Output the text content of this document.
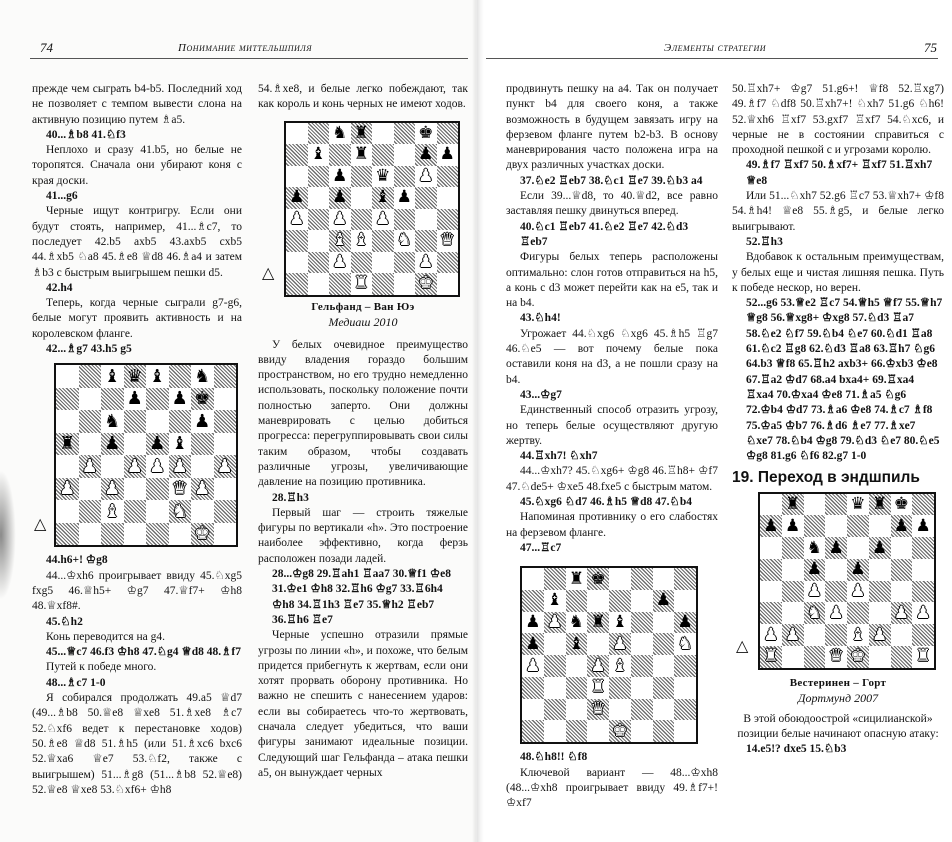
74	Понимание миттельшпиля

прежде чем сыграть b4-b5. Последний ход не позволяет с темпом вывести слона на активную позицию путем ♗a5.

40...♗b8 41.♘f3

Неплохо и сразу 41.b5, но белые не торопятся. Сначала они убирают коня с края доски.

41...g6

Черные ищут контригру. Если они будут стоять, например, 41...♗c7, то последует 42.b5 axb5 43.axb5 cxb5 44.♗xb5 ♘a8 45.♗e8 ♕d8 46.♗a4 и затем ♗b3 с быстрым выигрышем пешки d5.

42.h4

Теперь, когда черные сыграли g7-g6, белые могут проявить активность и на королевском фланге.

42...♗g7 43.h5 g5

△
♝ ♛ ♝ ♞
♟ ♟ ♚
♞	♟
♜ ♟ ♟ ♝
♟ ♟ ♟ ♟ ♟
♟ ♟	♛ ♟
♝	♞
♚

44.h6+! ♔g8

44...♔xh6 проигрывает ввиду 45.♘xg5 fxg5 46.♕h5+ ♔g7 47.♕f7+ ♔h8 48.♕xf8#.

45.♘h2

Конь переводится на g4.

45...♕c7 46.f3 ♔h8 47.♘g4 ♕d8 48.♗f7

Путей к победе много.

48...♗c7 1-0

Я собирался продолжать 49.a5 ♕d7 (49...♗b8 50.♕e8 ♕xe8 51.♗xe8 ♗c7 52.♘xf6 ведет к перестановке ходов) 50.♗e8 ♕d8 51.♗h5 (или 51.♗xc6 bxc6 52.♕xa6 ♕e7 53.♘f2, также с выигрышем) 51...♗g8 (51...♗b8 52.♕e8) 52.♕e8 ♕xe8 53.♘xf6+ ♔h8

54.♗xe8, и белые легко побеждают, так как король и конь черных не имеют ходов.

△
♞ ♜	♚
♝ ♜	♟ ♟
♟ ♛ ♟
♟ ♟ ♝ ♟
♟ ♟ ♟
♝ ♝ ♞ ♛
♟	♟
♜	♚
Гельфанд – Ван Юэ
Медиаш 2010

У белых очевидное преимущество ввиду владения гораздо большим пространством, но его трудно немедленно использовать, поскольку положение почти полностью заперто. Они должны маневрировать с целью добиться прогресса: перегруппировывать свои силы таким образом, чтобы создавать различные угрозы, увеличивающие давление на позицию противника.

28.♖h3

Первый шаг — строить тяжелые фигуры по вертикали «h». Это построение наиболее эффективно, когда ферзь расположен позади ладей.

28...♔g8 29.♖ah1 ♖aa7 30.♕f1 ♔e8 31.♔e1 ♔h8 32.♖h6 ♔g7 33.♖6h4 ♔h8 34.♖1h3 ♖e7 35.♕h2 ♖eb7 36.♖h6 ♖e7

Черные успешно отразили прямые угрозы по линии «h», и похоже, что белым придется прибегнуть к жертвам, если они хотят прорвать оборону противника. Но важно не спешить с нанесением ударов: если вы собираетесь что-то жертвовать, сначала следует убедиться, что ваши фигуры занимают идеальные позиции. Следующий шаг Гельфанда – атака пешки a5, он вынуждает черных

Элементы стратегии	75

продвинуть пешку на a4. Так он получает пункт b4 для своего коня, а также возможность в будущем завязать игру на ферзевом фланге путем b2-b3. В основу маневрирования часто положена игра на двух различных участках доски.

37.♘e2 ♖eb7 38.♘c1 ♖e7 39.♘b3 a4

Если 39...♕d8, то 40.♕d2, все равно заставляя пешку двинуться вперед.

40.♘c1 ♖eb7 41.♘e2 ♖e7 42.♘d3 ♖eb7

Фигуры белых теперь расположены оптимально: слон готов отправиться на h5, а конь с d3 может перейти как на e5, так и на b4.

43.♘h4!

Угрожает 44.♘xg6 ♘xg6 45.♗h5 ♖g7 46.♘e5 — вот почему белые пока оставили коня на d3, а не пошли сразу на b4.

43...♔g7

Единственный способ отразить угрозу, но теперь белые осуществляют другую жертву.

44.♖xh7! ♘xh7

44...♔xh7? 45.♘xg6+ ♔g8 46.♖h8+ ♔f7 47.♘de5+ ♔xe5 48.fxe5 с быстрым матом.

45.♘xg6 ♘d7 46.♗h5 ♕d8 47.♘b4

Напоминая противнику о его слабостях на ферзевом фланге.

47...♖c7

♜ ♚
♝	♟
♟ ♟ ♞ ♜ ♝	♟
♟ ♝ ♟	♞
♟	♟ ♝
♜
♛
♚

48.♘h8!! ♘f8

Ключевой вариант — 48...♔xh8 (48...♔xh8 проигрывает ввиду 49.♗f7+! ♔xf7

50.♖xh7+ ♔g7 51.g6+! ♕f8 52.♖xg7) 49.♗f7 ♘df8 50.♖xh7+! ♘xh7 51.g6 ♘h6! 52.♕xh6 ♖xf7 53.gxf7 ♖xf7 54.♘xc6, и черные не в состоянии справиться с проходной пешкой c и угрозами королю.

49.♗f7 ♖xf7 50.♗xf7+ ♖xf7 51.♖xh7 ♕e8

Или 51...♘xh7 52.g6 ♖c7 53.♕xh7+ ♔f8 54.♗h4! ♕e8 55.♗g5, и белые легко выигрывают.

52.♖h3

Вдобавок к остальным преимуществам, у белых еще и чистая лишняя пешка. Путь к победе нескор, но верен.

52...g6 53.♕e2 ♖c7 54.♕h5 ♕f7 55.♕h7 ♕g8 56.♕xg8+ ♔xg8 57.♘d3 ♖a7 58.♘e2 ♘f7 59.♘b4 ♘e7 60.♘d1 ♖a8 61.♘c2 ♖g8 62.♘d3 ♖a8 63.♖h7 ♘g6 64.b3 ♕f8 65.♖h2 axb3+ 66.♔xb3 ♔e8 67.♖a2 ♔d7 68.a4 bxa4+ 69.♖xa4 ♖xa4 70.♔xa4 ♔e8 71.♗a5 ♘g6 72.♔b4 ♔d7 73.♗a6 ♔e8 74.♗c7 ♗f8 75.♔a5 ♔b7 76.♗d6 ♗e7 77.♗xe7 ♘xe7 78.♘b4 ♔g8 79.♘d3 ♘e7 80.♘e5 ♔g8 81.g6 ♘f6 82.g7 1-0

19. Переход в эндшпиль
△
♜	♛ ♜ ♚
♟ ♟	♟ ♟
♞ ♟ ♟
♟ ♟
♟ ♟
♞ ♟	♟ ♟
♟ ♟	♝ ♟
♜	♛ ♚	♜
Вестеринен – Горт
Дортмунд 2007

В этой обоюдоострой «сицилианской» позиции белые начинают опасную атаку:

14.e5!? dxe5 15.♘b3
